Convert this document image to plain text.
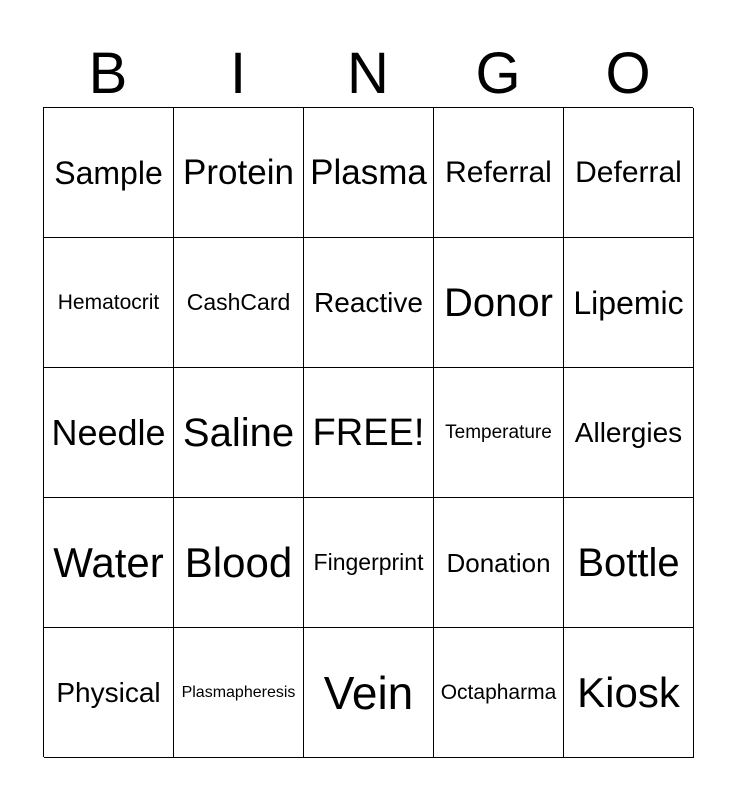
B	I	N	G	O
Sample Protein Plasma Referral Deferral
Hematocrit	CashCard Reactive Donor Lipemic
Needle Saline FREE!	Temperature Allergies
Water Blood Fingerprint Donation Bottle
Physical	Plasmapheresis Vein	Octapharma Kiosk
